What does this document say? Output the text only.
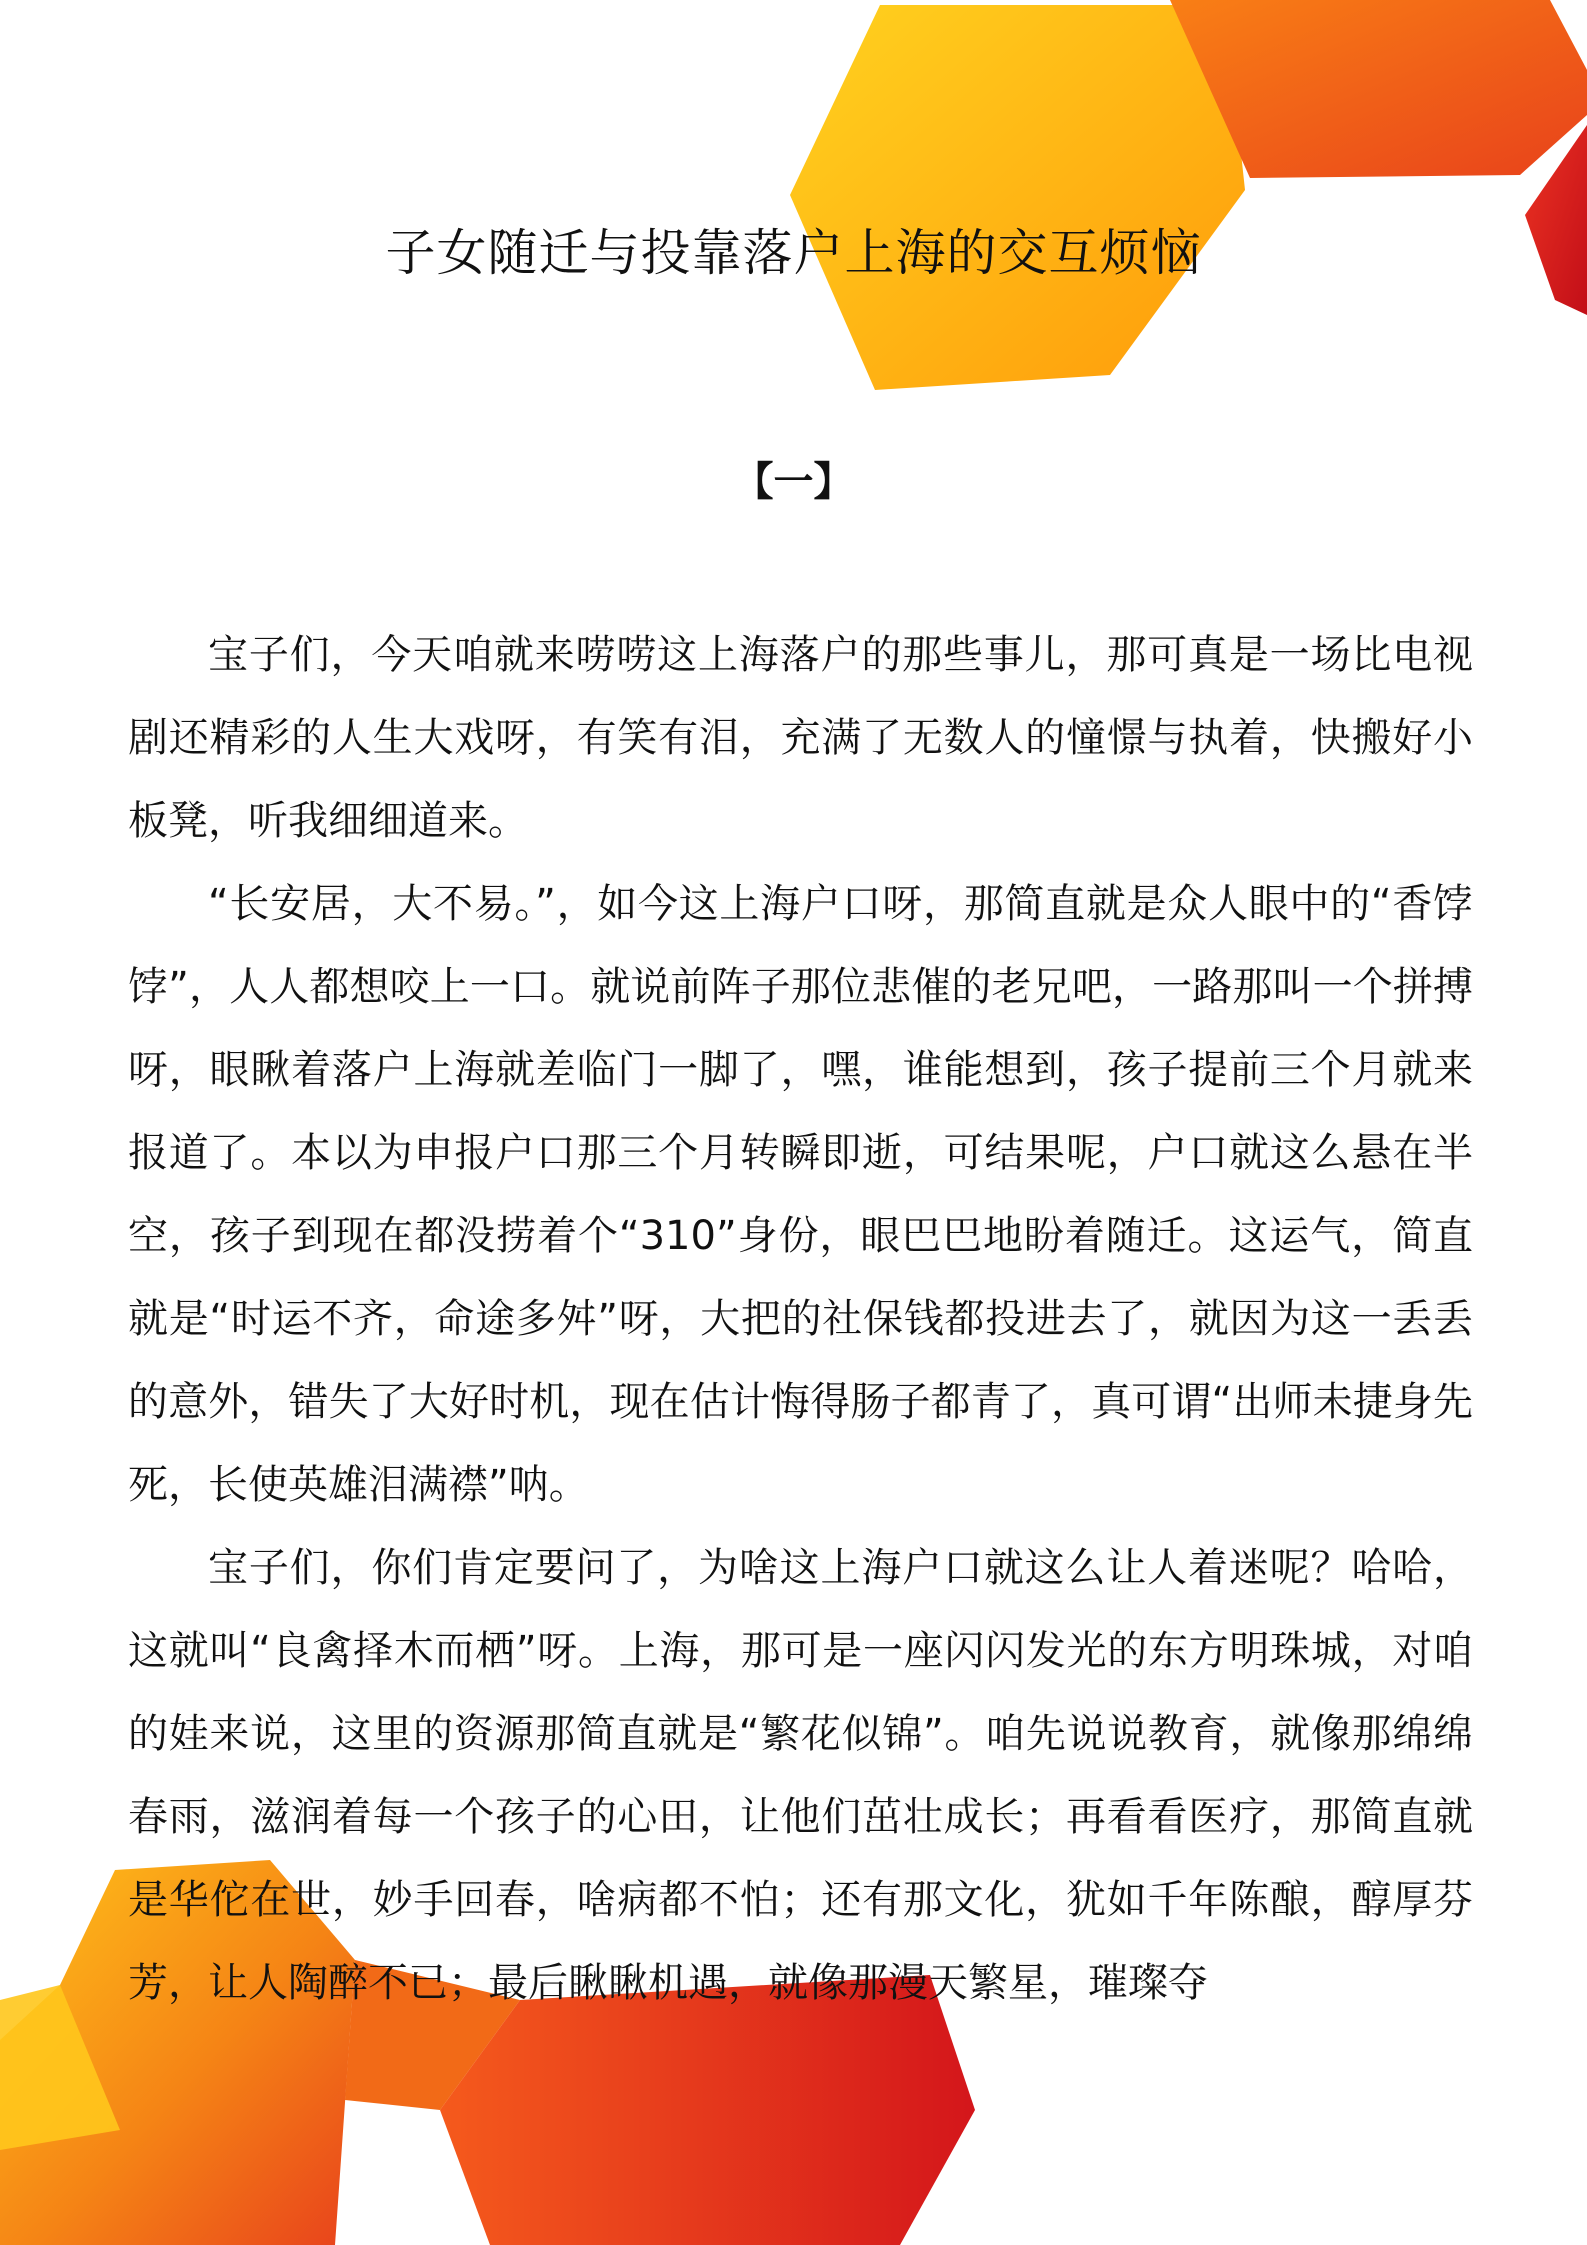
子女随迁与投靠落户上海的交互烦恼
【一】

宝子们，今天咱就来唠唠这上海落户的那些事儿，那可真是一场比电视剧还精彩的人生大戏呀，有笑有泪，充满了无数人的憧憬与执着，快搬好小板凳，听我细细道来。

“长安居，大不易。”，如今这上海户口呀，那简直就是众人眼中的“香饽饽”，人人都想咬上一口。就说前阵子那位悲催的老兄吧，一路那叫一个拼搏呀，眼瞅着落户上海就差临门一脚了，嘿，谁能想到，孩子提前三个月就来报道了。本以为申报户口那三个月转瞬即逝，可结果呢，户口就这么悬在半空，孩子到现在都没捞着个“310”身份，眼巴巴地盼着随迁。这运气，简直就是“时运不齐，命途多舛”呀，大把的社保钱都投进去了，就因为这一丢丢的意外，错失了大好时机，现在估计悔得肠子都青了，真可谓“出师未捷身先死，长使英雄泪满襟”呐。

宝子们，你们肯定要问了，为啥这上海户口就这么让人着迷呢？哈哈，这就叫“良禽择木而栖”呀。上海，那可是一座闪闪发光的东方明珠城，对咱的娃来说，这里的资源那简直就是“繁花似锦”。咱先说说教育，就像那绵绵春雨，滋润着每一个孩子的心田，让他们茁壮成长；再看看医疗，那简直就是华佗在世，妙手回春，啥病都不怕；还有那文化，犹如千年陈酿，醇厚芬芳，让人陶醉不已；最后瞅瞅机遇，就像那漫天繁星，璀璨夺
